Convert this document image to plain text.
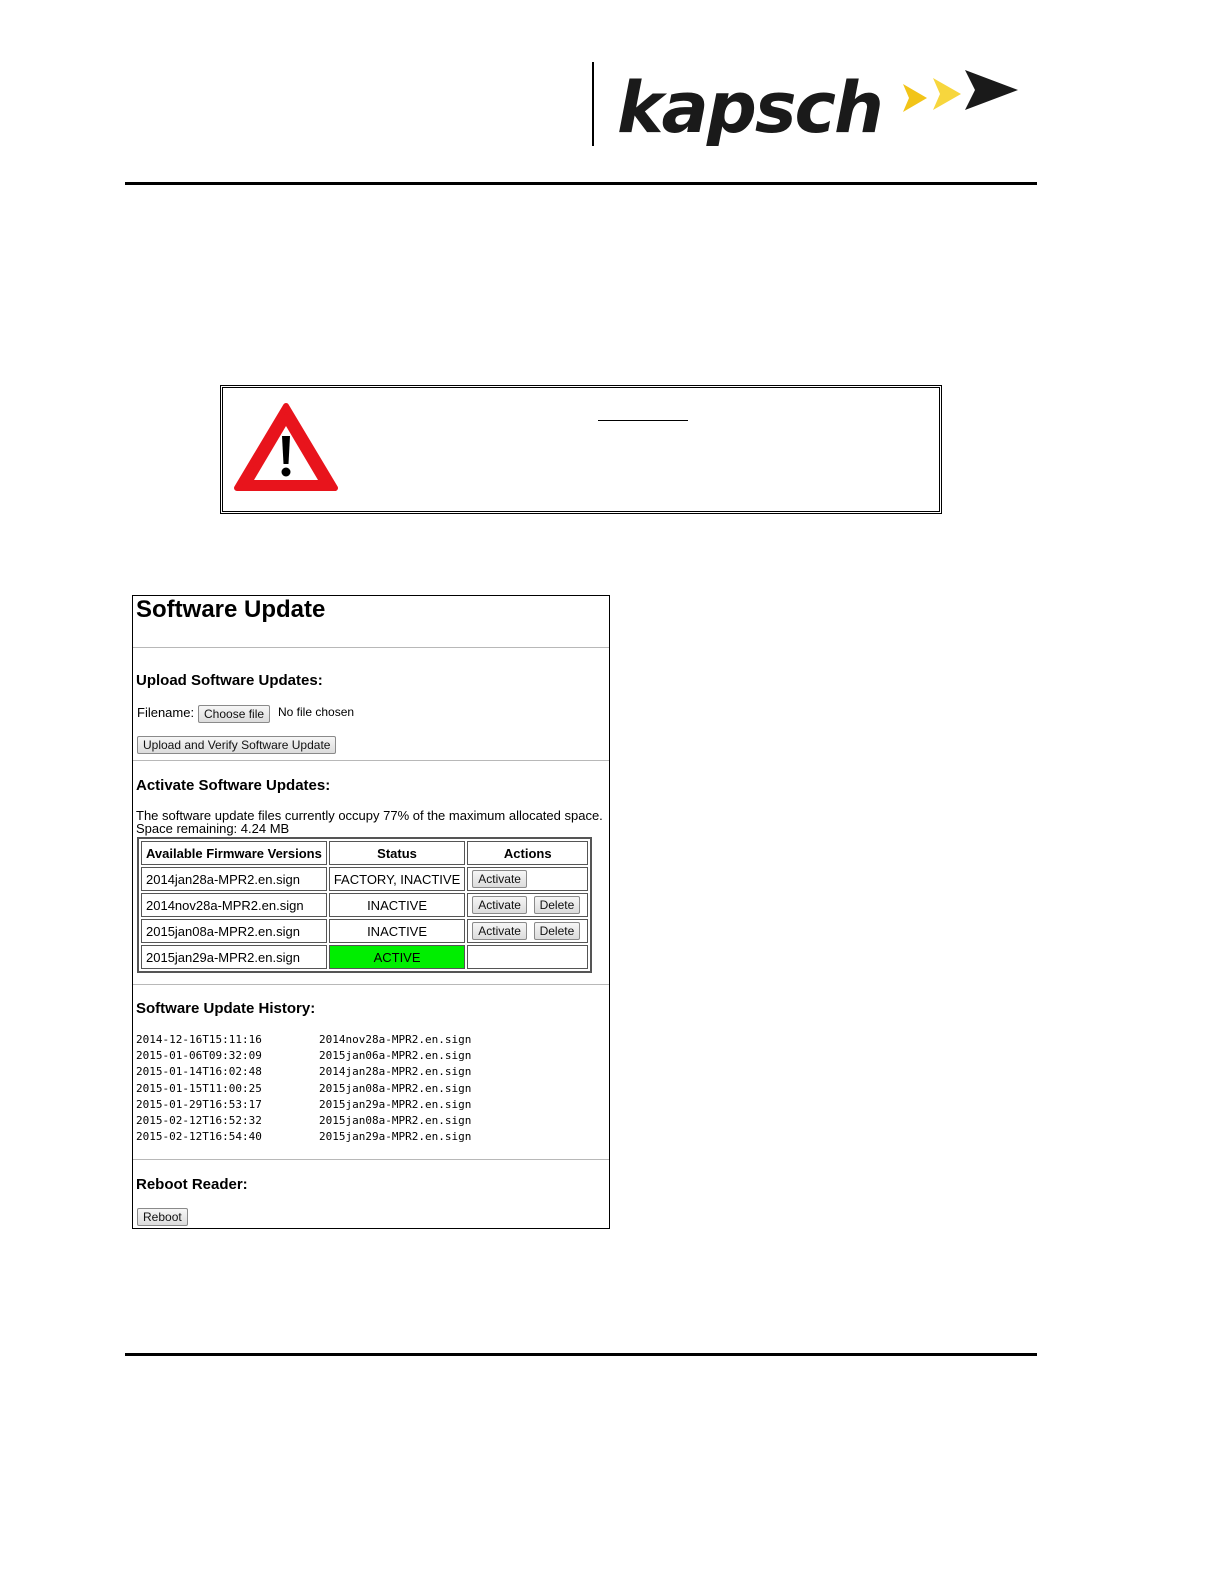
kapsch
Software Update
Upload Software Updates:
Filename: Choose file	No file chosen
Upload and Verify Software Update
Activate Software Updates:
The software update files currently occupy 77% of the maximum allocated space.
Space remaining: 4.24 MB
Available Firmware Versions	Status	Actions
2014jan28a-MPR2.en.sign	FACTORY, INACTIVE	Activate
2014nov28a-MPR2.en.sign	INACTIVE	Activate Delete
2015jan08a-MPR2.en.sign	INACTIVE	Activate Delete
2015jan29a-MPR2.en.sign	ACTIVE	
Software Update History:
2014-12-16T15:11:16	2014nov28a-MPR2.en.sign
2015-01-06T09:32:09	2015jan06a-MPR2.en.sign
2015-01-14T16:02:48	2014jan28a-MPR2.en.sign
2015-01-15T11:00:25	2015jan08a-MPR2.en.sign
2015-01-29T16:53:17	2015jan29a-MPR2.en.sign
2015-02-12T16:52:32	2015jan08a-MPR2.en.sign
2015-02-12T16:54:40	2015jan29a-MPR2.en.sign
Reboot Reader:
Reboot
